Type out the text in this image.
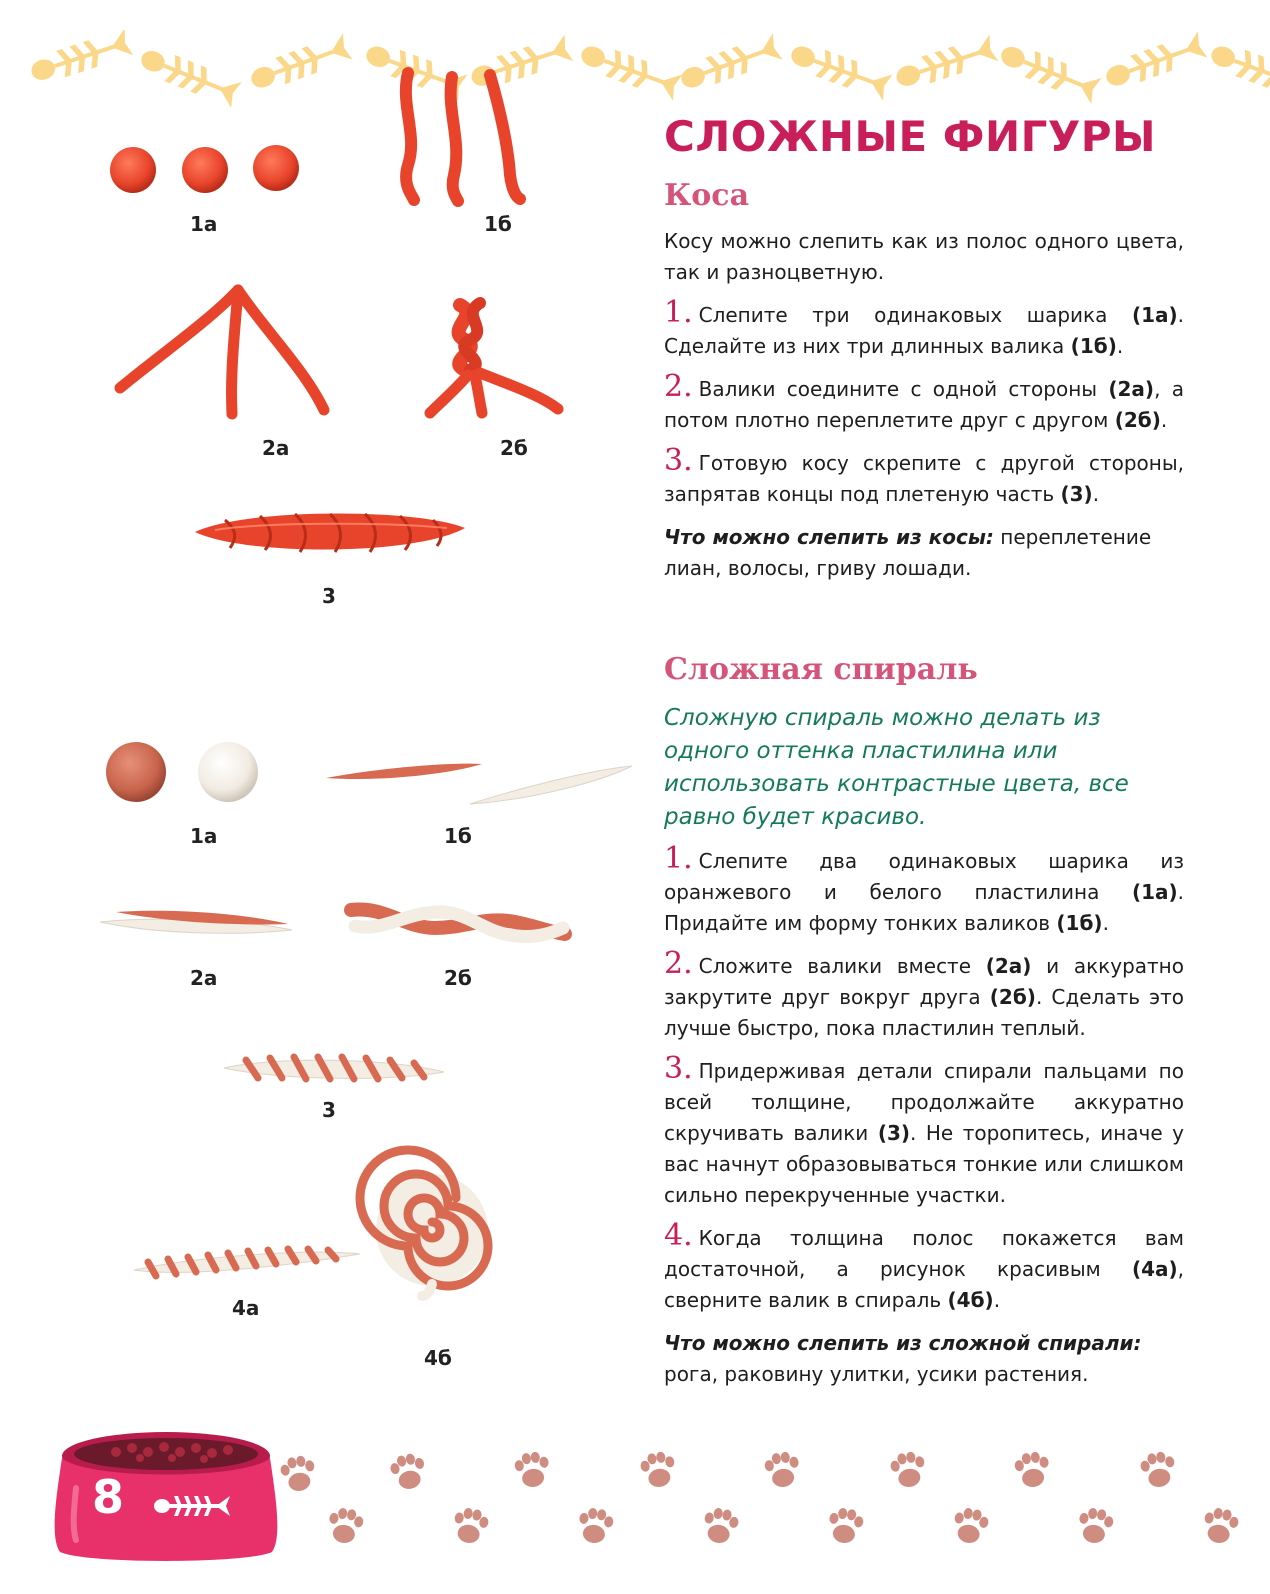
СЛОЖНЫЕ ФИГУРЫ
Коса
Сложная спираль

Косу можно слепить как из полос одного цвета, так и разноцветную.

1. Слепите три одинаковых шарика (1а). Сделайте из них три длинных валика (1б).

2. Валики соедините с одной стороны (2а), а потом плотно переплетите друг с другом (2б).

3. Готовую косу скрепите с другой стороны, запрятав концы под плетеную часть (3).

Что можно слепить из косы: переплетение лиан, волосы, гриву лошади.

Сложную спираль можно делать из одного оттенка пластилина или использовать контрастные цвета, все равно будет красиво.

1. Слепите два одинаковых шарика из оранжевого и белого пластилина (1а). Придайте им форму тонких валиков (1б).

2. Сложите валики вместе (2а) и аккуратно закрутите друг вокруг друга (2б). Сделать это лучше быстро, пока пластилин теплый.

3. Придерживая детали спирали пальцами по всей толщине, продолжайте аккуратно скручивать валики (3). Не торопитесь, иначе у вас начнут образовываться тонкие или слишком сильно перекрученные участки.

4. Когда толщина полос покажется вам достаточной, а рисунок красивым (4а), сверните валик в спираль (4б).

Что можно слепить из сложной спирали:
рога, раковину улитки, усики растения.

1а	1б
2а	2б
3
1а	1б
2а	2б
3
4а
4б
8
